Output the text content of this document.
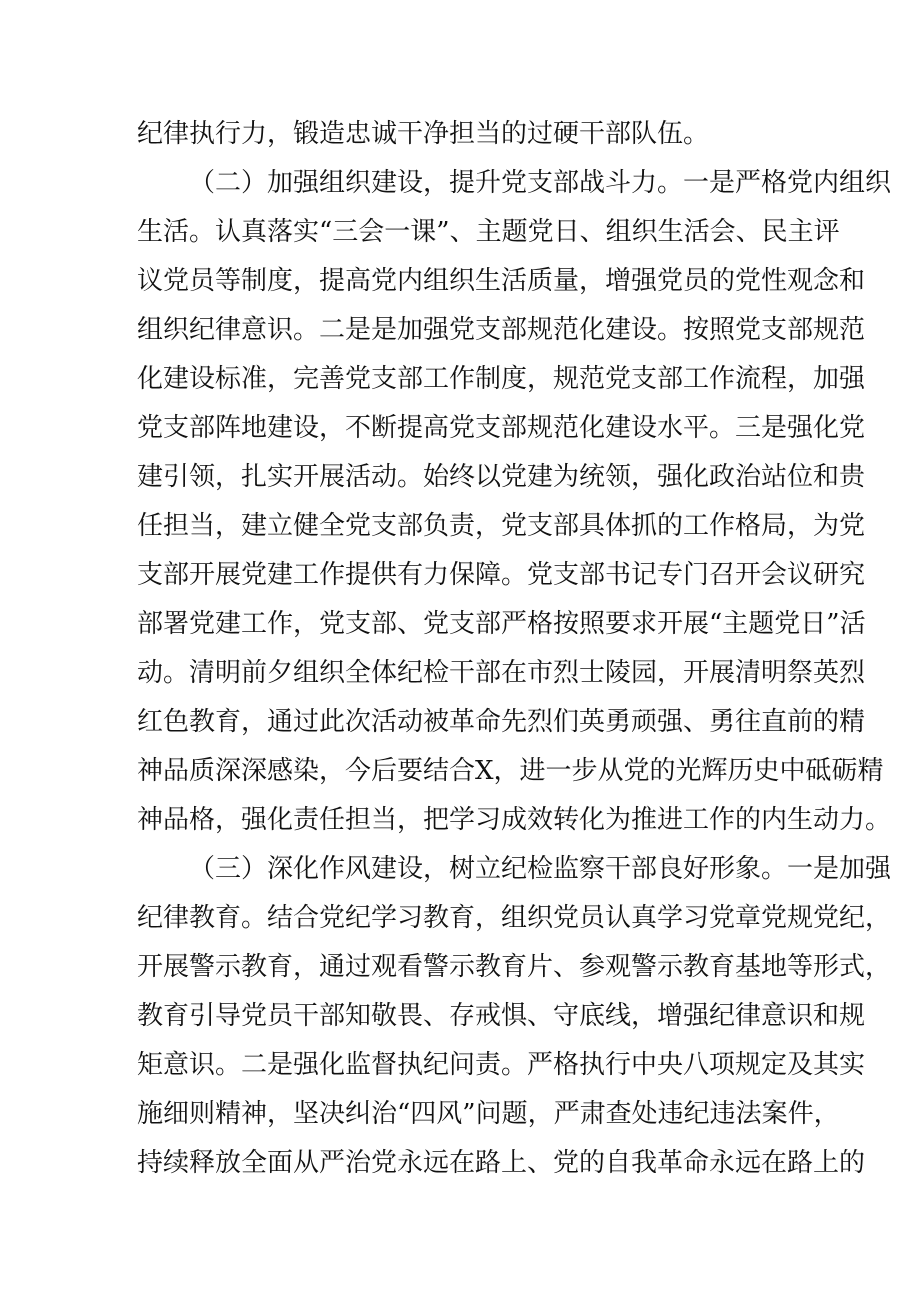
纪律执行力，锻造忠诚干净担当的过硬干部队伍。
（二）加强组织建设，提升党支部战斗力。一是严格党内组织
生活。认真落实“三会一课”、主题党日、组织生活会、民主评
议党员等制度，提高党内组织生活质量，增强党员的党性观念和
组织纪律意识。二是是加强党支部规范化建设。按照党支部规范
化建设标准，完善党支部工作制度，规范党支部工作流程，加强
党支部阵地建设，不断提高党支部规范化建设水平。三是强化党
建引领，扎实开展活动。始终以党建为统领，强化政治站位和贵
任担当，建立健全党支部负责，党支部具体抓的工作格局，为党
支部开展党建工作提供有力保障。党支部书记专门召开会议研究
部署党建工作，党支部、党支部严格按照要求开展“主题党日”活
动。清明前夕组织全体纪检干部在市烈士陵园，开展清明祭英烈
红色教育，通过此次活动被革命先烈们英勇顽强、勇往直前的精
神品质深深感染，今后要结合X，进一步从党的光辉历史中砥砺精
神品格，强化责任担当，把学习成效转化为推进工作的内生动力。
（三）深化作风建设，树立纪检监察干部良好形象。一是加强
纪律教育。结合党纪学习教育，组织党员认真学习党章党规党纪，
开展警示教育，通过观看警示教育片、参观警示教育基地等形式，
教育引导党员干部知敬畏、存戒惧、守底线，增强纪律意识和规
矩意识。二是强化监督执纪问责。严格执行中央八项规定及其实
施细则精神，坚决纠治“四风”问题，严肃查处违纪违法案件，
持续释放全面从严治党永远在路上、党的自我革命永远在路上的
